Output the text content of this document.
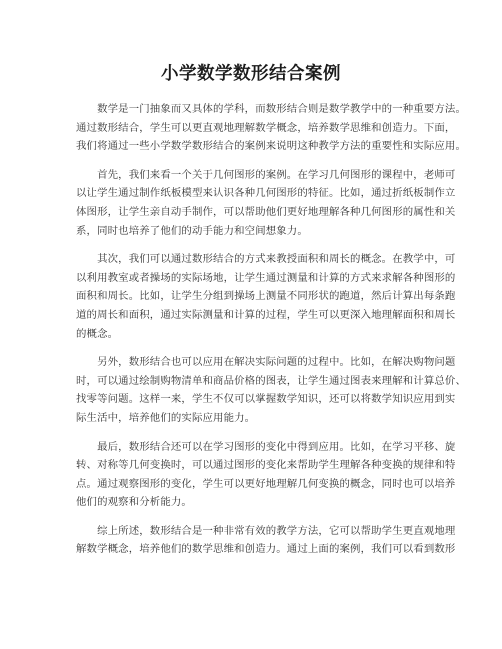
小学数学数形结合案例

　　数学是一门抽象而又具体的学科，而数形结合则是数学教学中的一种重要方法。
通过数形结合，学生可以更直观地理解数学概念，培养数学思维和创造力。下面，
我们将通过一些小学数学数形结合的案例来说明这种教学方法的重要性和实际应用。

　　首先，我们来看一个关于几何图形的案例。在学习几何图形的课程中，老师可
以让学生通过制作纸板模型来认识各种几何图形的特征。比如，通过折纸板制作立
体图形，让学生亲自动手制作，可以帮助他们更好地理解各种几何图形的属性和关
系，同时也培养了他们的动手能力和空间想象力。

　　其次，我们可以通过数形结合的方式来教授面积和周长的概念。在教学中，可
以利用教室或者操场的实际场地，让学生通过测量和计算的方式来求解各种图形的
面积和周长。比如，让学生分组到操场上测量不同形状的跑道，然后计算出每条跑
道的周长和面积，通过实际测量和计算的过程，学生可以更深入地理解面积和周长
的概念。

　　另外，数形结合也可以应用在解决实际问题的过程中。比如，在解决购物问题
时，可以通过绘制购物清单和商品价格的图表，让学生通过图表来理解和计算总价、
找零等问题。这样一来，学生不仅可以掌握数学知识，还可以将数学知识应用到实
际生活中，培养他们的实际应用能力。

　　最后，数形结合还可以在学习图形的变化中得到应用。比如，在学习平移、旋
转、对称等几何变换时，可以通过图形的变化来帮助学生理解各种变换的规律和特
点。通过观察图形的变化，学生可以更好地理解几何变换的概念，同时也可以培养
他们的观察和分析能力。

　　综上所述，数形结合是一种非常有效的教学方法，它可以帮助学生更直观地理
解数学概念，培养他们的数学思维和创造力。通过上面的案例，我们可以看到数形
